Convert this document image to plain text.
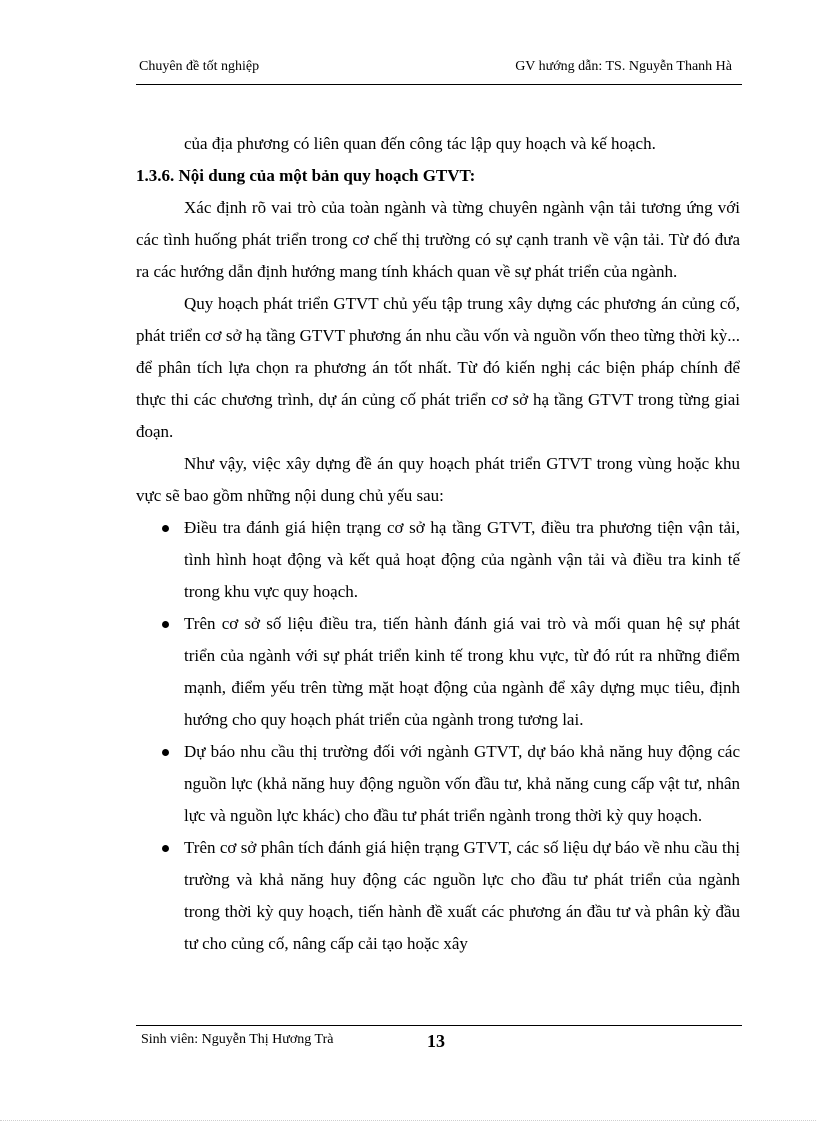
Chuyên đề tốt nghiệp	GV hướng dẫn: TS. Nguyễn Thanh Hà

của địa phương có liên quan đến công tác lập quy hoạch và kế hoạch.

1.3.6. Nội dung của một bản quy hoạch GTVT:

Xác định rõ vai trò của toàn ngành và từng chuyên ngành vận tải tương ứng với các tình huống phát triển trong cơ chế thị trường có sự cạnh tranh về vận tải. Từ đó đưa ra các hướng dẫn định hướng mang tính khách quan về sự phát triển của ngành.

Quy hoạch phát triển GTVT chủ yếu tập trung xây dựng các phương án củng cố, phát triển cơ sở hạ tầng GTVT phương án nhu cầu vốn và nguồn vốn theo từng thời kỳ... để phân tích lựa chọn ra phương án tốt nhất. Từ đó kiến nghị các biện pháp chính để thực thi các chương trình, dự án củng cố phát triển cơ sở hạ tầng GTVT trong từng giai đoạn.

Như vậy, việc xây dựng đề án quy hoạch phát triển GTVT trong vùng hoặc khu vực sẽ bao gồm những nội dung chủ yếu sau:

Điều tra đánh giá hiện trạng cơ sở hạ tầng GTVT, điều tra phương tiện vận tải, tình hình hoạt động và kết quả hoạt động của ngành vận tải và điều tra kinh tế trong khu vực quy hoạch.
Trên cơ sở số liệu điều tra, tiến hành đánh giá vai trò và mối quan hệ sự phát triển của ngành với sự phát triển kinh tế trong khu vực, từ đó rút ra những điểm mạnh, điểm yếu trên từng mặt hoạt động của ngành để xây dựng mục tiêu, định hướng cho quy hoạch phát triển của ngành trong tương lai.
Dự báo nhu cầu thị trường đối với ngành GTVT, dự báo khả năng huy động các nguồn lực (khả năng huy động nguồn vốn đầu tư, khả năng cung cấp vật tư, nhân lực và nguồn lực khác) cho đầu tư phát triển ngành trong thời kỳ quy hoạch.
Trên cơ sở phân tích đánh giá hiện trạng GTVT, các số liệu dự báo về nhu cầu thị trường và khả năng huy động các nguồn lực cho đầu tư phát triển của ngành trong thời kỳ quy hoạch, tiến hành đề xuất các phương án đầu tư và phân kỳ đầu tư cho củng cố, nâng cấp cải tạo hoặc xây
Sinh viên: Nguyễn Thị Hương Trà	13
